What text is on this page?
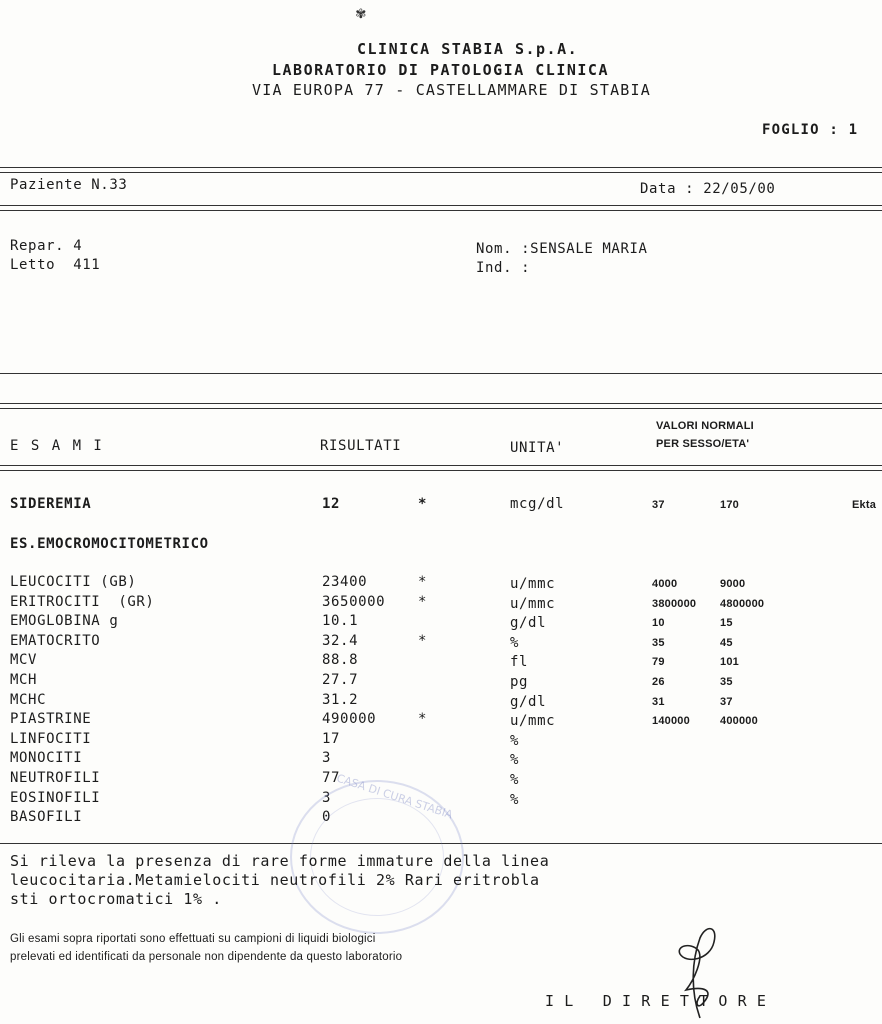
✾
CLINICA STABIA S.p.A.
LABORATORIO DI PATOLOGIA CLINICA
VIA EUROPA 77 - CASTELLAMMARE DI STABIA
FOGLIO : 1
Paziente N.33	Data : 22/05/00
Repar. 4
Letto  411
Nom. :SENSALE MARIA
Ind. :
E S A M I	RISULTATI	UNITA'
VALORI NORMALI
PER SESSO/ETA'
SIDEREMIA	12	*	mcg/dl	37	170	Ekta
ES.EMOCROMOCITOMETRICO
LEUCOCITI (GB)	23400	*	u/mmc	4000	9000
ERITROCITI  (GR)	3650000 *	u/mmc	3800000 4800000
EMOGLOBINA g	10.1	g/dl	10	15
EMATOCRITO	32.4	*	%	35	45
MCV	88.8	fl	79	101
MCH	27.7	pg	26	35
MCHC	31.2	g/dl	31	37
PIASTRINE	490000	*	u/mmc	140000	400000
LINFOCITI	17	%
MONOCITI	3	%
NEUTROFILI	77	%
EOSINOFILI	3	%
BASOFILI	0 CASA DI CURA STABIA
Si rileva la presenza di rare forme immature della linea
leucocitaria.Metamielociti neutrofili 2% Rari eritrobla
sti ortocromatici 1% .
Gli esami sopra riportati sono effettuati su campioni di liquidi biologici
prelevati ed identificati da personale non dipendente da questo laboratorio
I L   D I R E T T O R E
